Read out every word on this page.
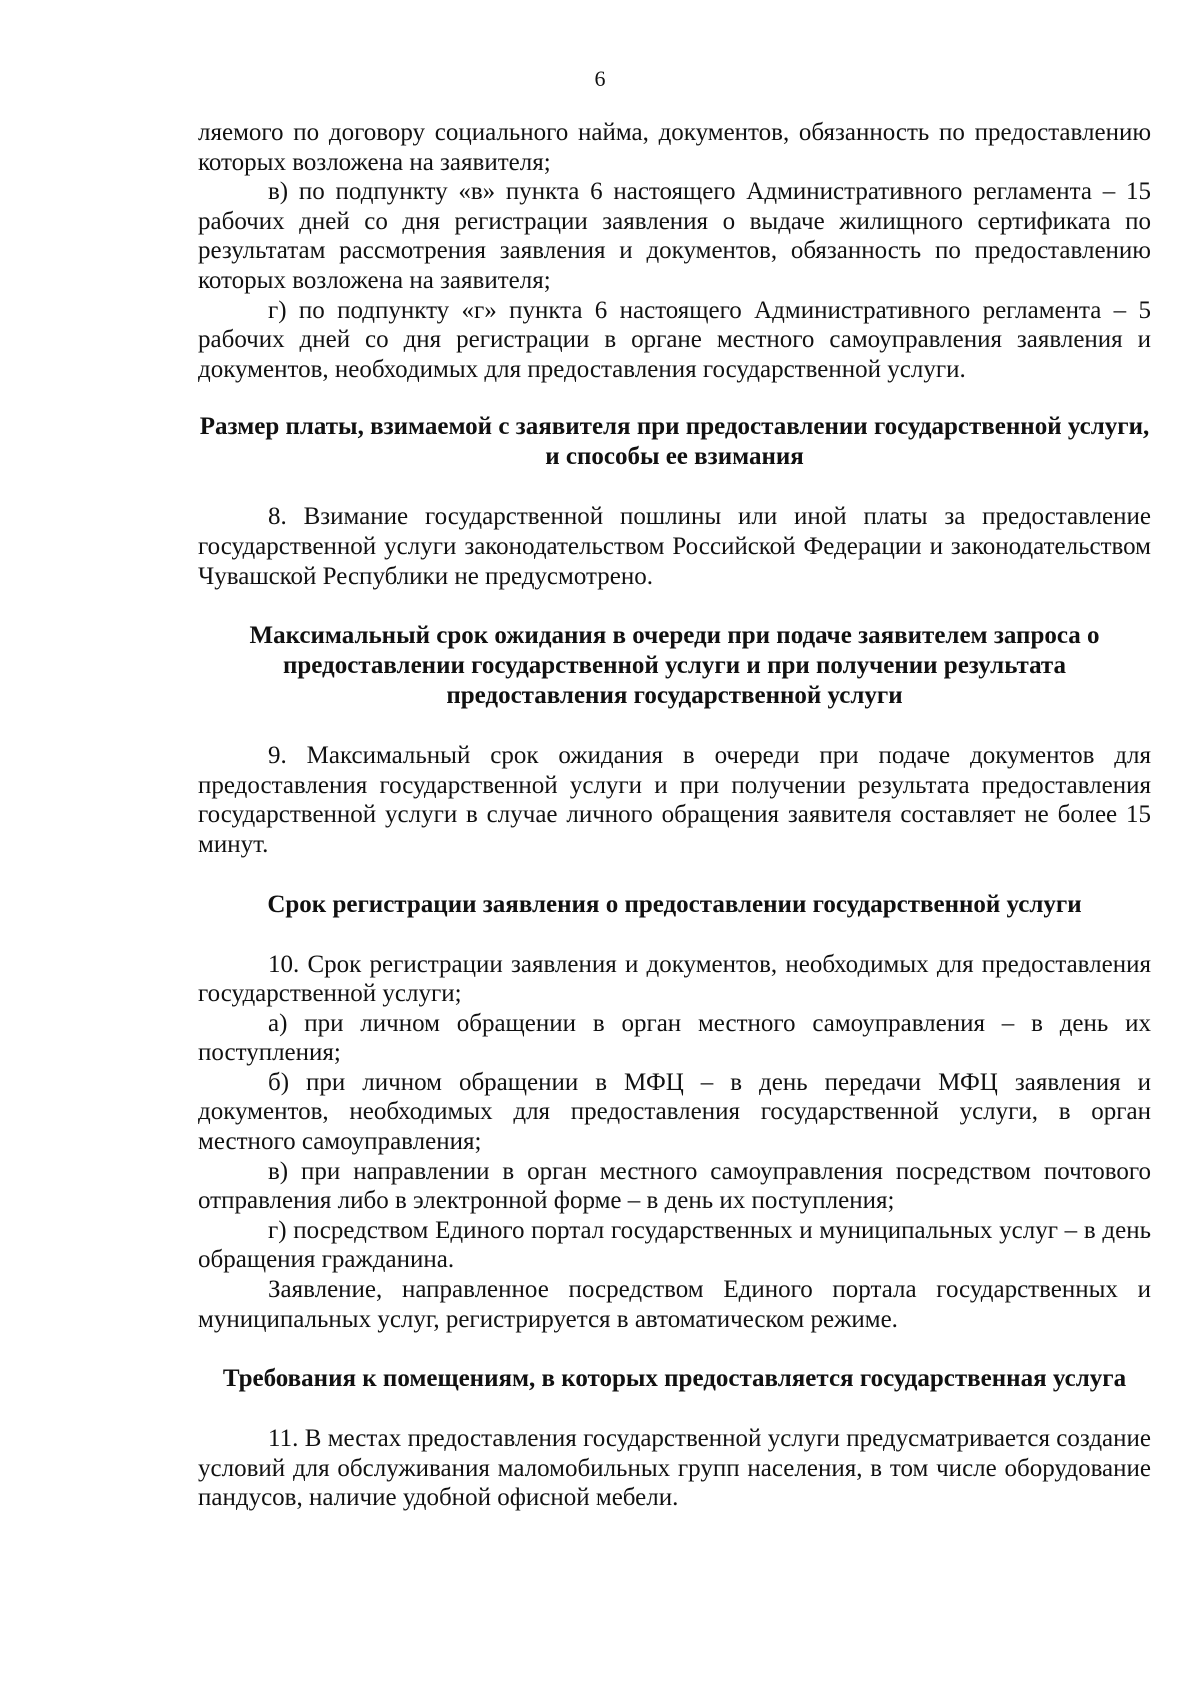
6

ляемого по договору социального найма, документов, обязанность по предоставлению которых возложена на заявителя;

в) по подпункту «в» пункта 6 настоящего Административного регламента – 15 рабочих дней со дня регистрации заявления о выдаче жилищного сертификата по результатам рассмотрения заявления и документов, обязанность по предоставлению которых возложена на заявителя;

г) по подпункту «г» пункта 6 настоящего Административного регламента – 5 рабочих дней со дня регистрации в органе местного самоуправления заявления и документов, необходимых для предоставления государственной услуги.

Размер платы, взимаемой с заявителя при предоставлении государственной услуги, и способы ее взимания

8. Взимание государственной пошлины или иной платы за предоставление государственной услуги законодательством Российской Федерации и законодательством Чувашской Республики не предусмотрено.

Максимальный срок ожидания в очереди при подаче заявителем запроса о предоставлении государственной услуги и при получении результата предоставления государственной услуги

9. Максимальный срок ожидания в очереди при подаче документов для предоставления государственной услуги и при получении результата предоставления государственной услуги в случае личного обращения заявителя составляет не более 15 минут.

Срок регистрации заявления о предоставлении государственной услуги

10. Срок регистрации заявления и документов, необходимых для предоставления государственной услуги;

а) при личном обращении в орган местного самоуправления – в день их поступления;

б) при личном обращении в МФЦ – в день передачи МФЦ заявления и документов, необходимых для предоставления государственной услуги, в орган местного самоуправления;

в) при направлении в орган местного самоуправления посредством почтового отправления либо в электронной форме – в день их поступления;

г) посредством Единого портал государственных и муниципальных услуг – в день обращения гражданина.

Заявление, направленное посредством Единого портала государственных и муниципальных услуг, регистрируется в автоматическом режиме.

Требования к помещениям, в которых предоставляется государственная услуга

11. В местах предоставления государственной услуги предусматривается создание условий для обслуживания маломобильных групп населения, в том числе оборудование пандусов, наличие удобной офисной мебели.
